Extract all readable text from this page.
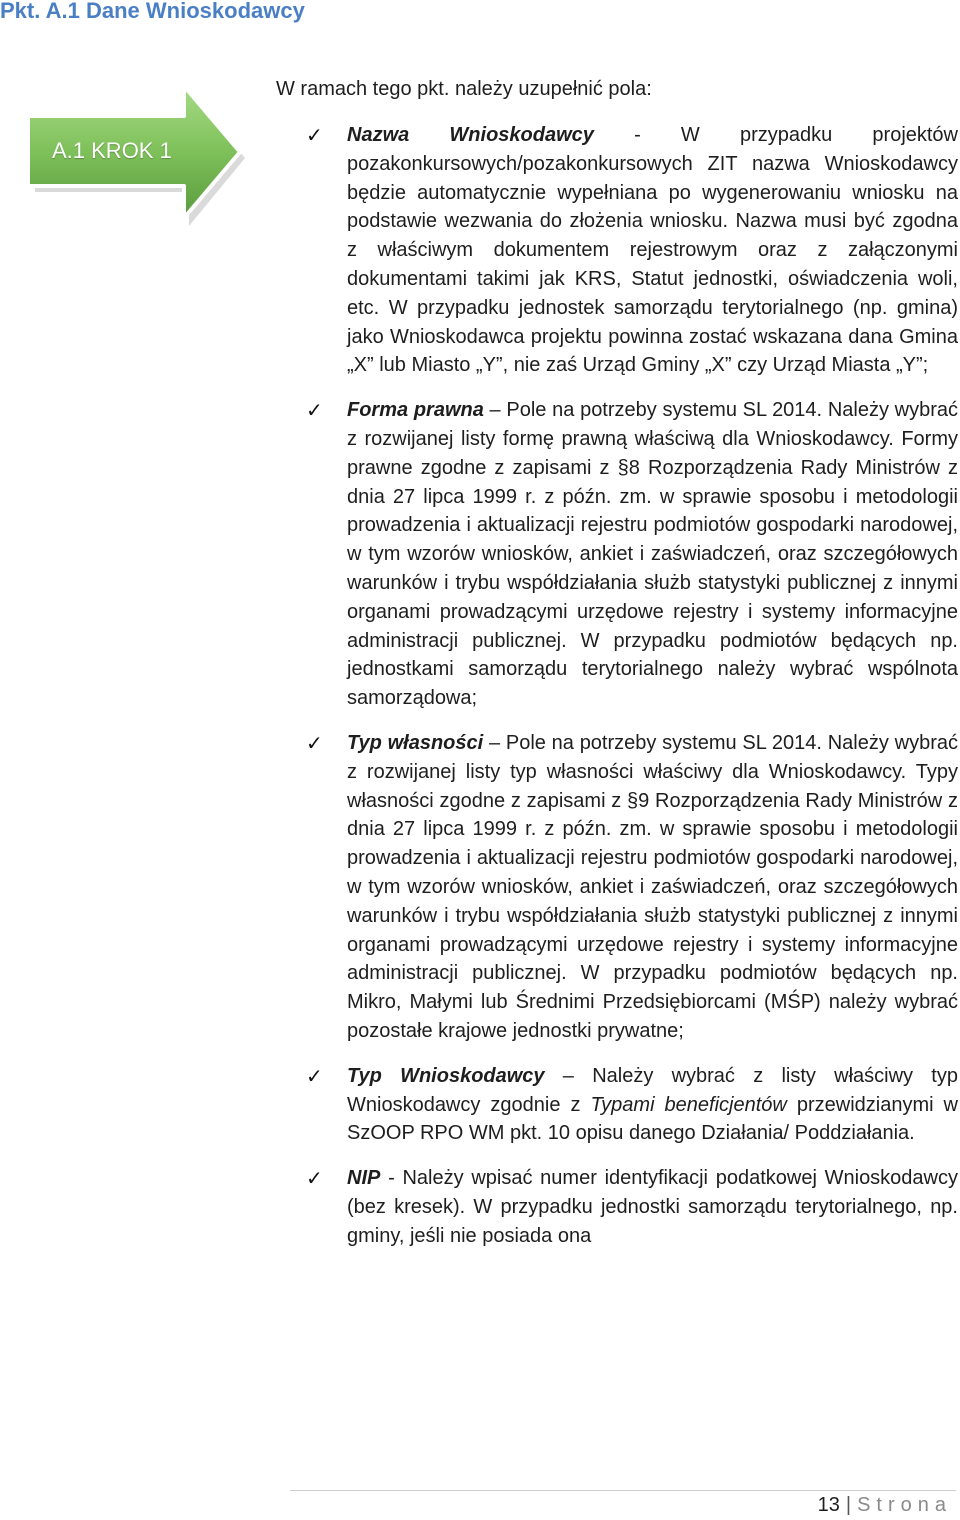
Pkt. A.1 Dane Wnioskodawcy
A.1 KROK 1

W ramach tego pkt. należy uzupełnić pola:

✓ Nazwa Wnioskodawcy - W przypadku projektów pozakonkursowych/pozakonkursowych ZIT nazwa Wnioskodawcy będzie automatycznie wypełniana po wygenerowaniu wniosku na podstawie wezwania do złożenia wniosku. Nazwa musi być zgodna z właściwym dokumentem rejestrowym oraz z załączonymi dokumentami takimi jak KRS, Statut jednostki, oświadczenia woli, etc. W przypadku jednostek samorządu terytorialnego (np. gmina) jako Wnioskodawca projektu powinna zostać wskazana dana Gmina „X” lub Miasto „Y”, nie zaś Urząd Gminy „X” czy Urząd Miasta „Y”;
✓ Forma prawna – Pole na potrzeby systemu SL 2014. Należy wybrać z rozwijanej listy formę prawną właściwą dla Wnioskodawcy. Formy prawne zgodne z zapisami z §8 Rozporządzenia Rady Ministrów z dnia 27 lipca 1999 r. z późn. zm. w sprawie sposobu i metodologii prowadzenia i aktualizacji rejestru podmiotów gospodarki narodowej, w tym wzorów wniosków, ankiet i zaświadczeń, oraz szczegółowych warunków i trybu współdziałania służb statystyki publicznej z innymi organami prowadzącymi urzędowe rejestry i systemy informacyjne administracji publicznej. W przypadku podmiotów będących np. jednostkami samorządu terytorialnego należy wybrać wspólnota samorządowa;
✓ Typ własności – Pole na potrzeby systemu SL 2014. Należy wybrać z rozwijanej listy typ własności właściwy dla Wnioskodawcy. Typy własności zgodne z zapisami z §9 Rozporządzenia Rady Ministrów z dnia 27 lipca 1999 r. z późn. zm. w sprawie sposobu i metodologii prowadzenia i aktualizacji rejestru podmiotów gospodarki narodowej, w tym wzorów wniosków, ankiet i zaświadczeń, oraz szczegółowych warunków i trybu współdziałania służb statystyki publicznej z innymi organami prowadzącymi urzędowe rejestry i systemy informacyjne administracji publicznej. W przypadku podmiotów będących np. Mikro, Małymi lub Średnimi Przedsiębiorcami (MŚP) należy wybrać pozostałe krajowe jednostki prywatne;
✓ Typ Wnioskodawcy – Należy wybrać z listy właściwy typ Wnioskodawcy zgodnie z Typami beneficjentów przewidzianymi w SzOOP RPO WM pkt. 10 opisu danego Działania/ Poddziałania.
✓ NIP - Należy wpisać numer identyfikacji podatkowej Wnioskodawcy (bez kresek). W przypadku jednostki samorządu terytorialnego, np. gminy, jeśli nie posiada ona
13 | Strona
